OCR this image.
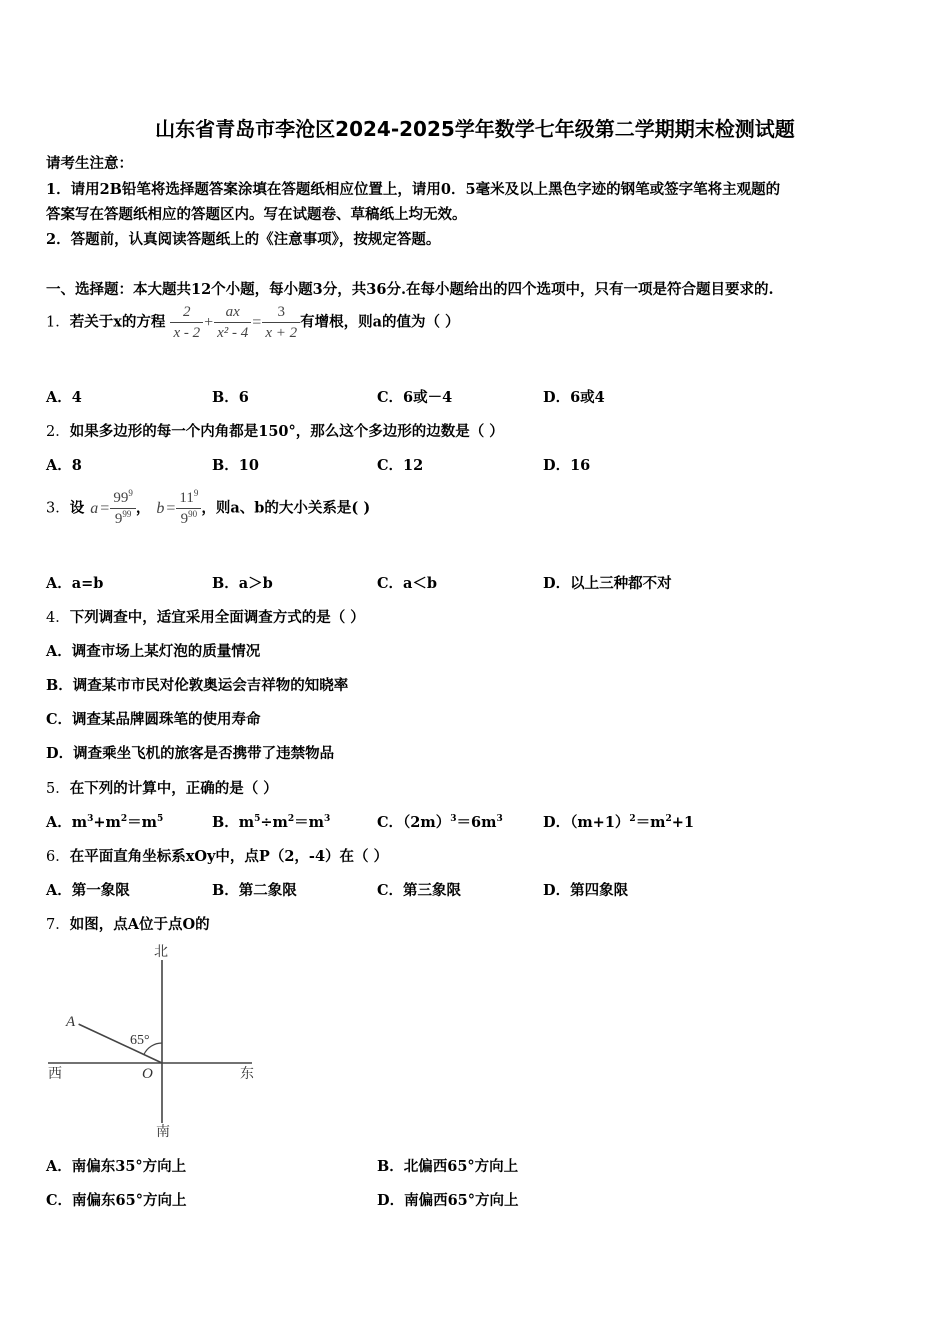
山东省青岛市李沧区2024-2025学年数学七年级第二学期期末检测试题
请考生注意：
1．请用2B铅笔将选择题答案涂填在答题纸相应位置上，请用0．5毫米及以上黑色字迹的钢笔或签字笔将主观题的
答案写在答题纸相应的答题区内。写在试题卷、草稿纸上均无效。
2．答题前，认真阅读答题纸上的《注意事项》，按规定答题。
一、选择题：本大题共12个小题，每小题3分，共36分.在每小题给出的四个选项中，只有一项是符合题目要求的.
1．若关于x的方程 $\frac{2}{x - 2} + \frac{ax}{\text{x² - 4}} = \frac{3}{x + 2}$ 有增根，则a的值为（ ）
A．4	B．6	C．6或－4	D．6或4
2．如果多边形的每一个内角都是150°，那么这个多边形的边数是（ ）
A．8	B．10	C．12	D．16
3．设 $a = \frac{99^9}{9^{99}}$ ， $b = \frac{11^9}{9^{90}}$ ，则a、b的大小关系是( )
A．a=b	B．a＞b	C．a＜b	D．以上三种都不对
4．下列调查中，适宜采用全面调查方式的是（ ）
A．调查市场上某灯泡的质量情况
B．调查某市市民对伦敦奥运会吉祥物的知晓率
C．调查某品牌圆珠笔的使用寿命
D．调查乘坐飞机的旅客是否携带了违禁物品
5．在下列的计算中，正确的是（ ）
A．$m^3+m^2=m^5$	B．$m^5\div m^2=m^3$	C．$(2m)^3=6m^3$	D．$(m+1)^2=m^2+1$
6．在平面直角坐标系xOy中，点P（2，-4）在（ ）
A．第一象限	B．第二象限	C．第三象限	D．第四象限
7．如图，点A位于点O的
北
南
西	东
A
O
65°
A．南偏东35°方向上	B．北偏西65°方向上
C．南偏东65°方向上	D．南偏西65°方向上
